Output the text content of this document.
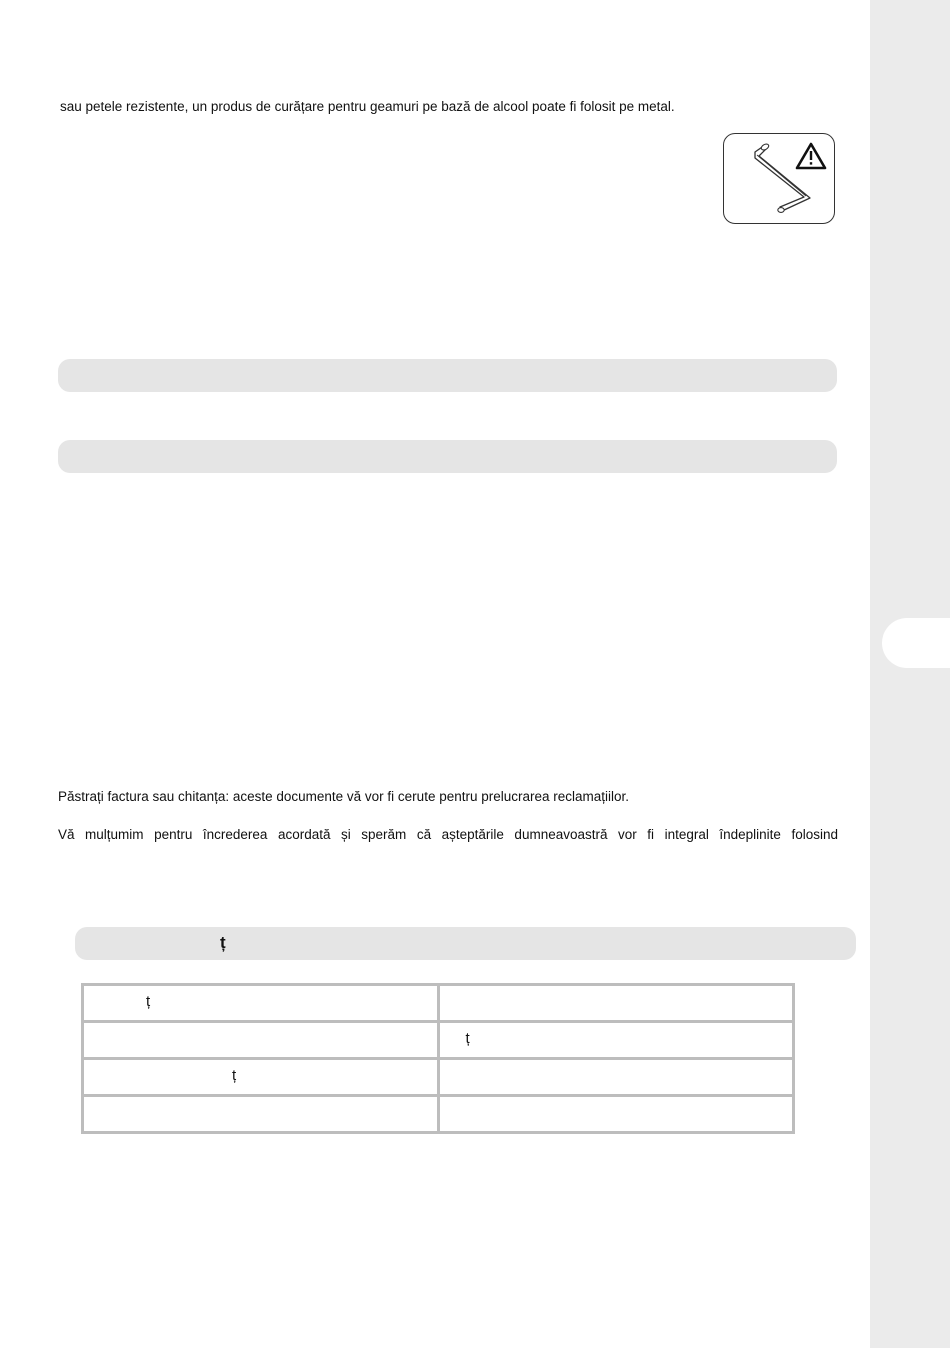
sau petele rezistente, un produs de curățare pentru geamuri pe bază de alcool poate fi folosit pe metal.
Păstrați factura sau chitanța: aceste documente vă vor fi cerute pentru prelucrarea reclamațiilor.
Vă mulțumim pentru încrederea acordată și sperăm că așteptările dumneavoastră vor fi integral îndeplinite folosind
ț
ț	

	ț

ț	
